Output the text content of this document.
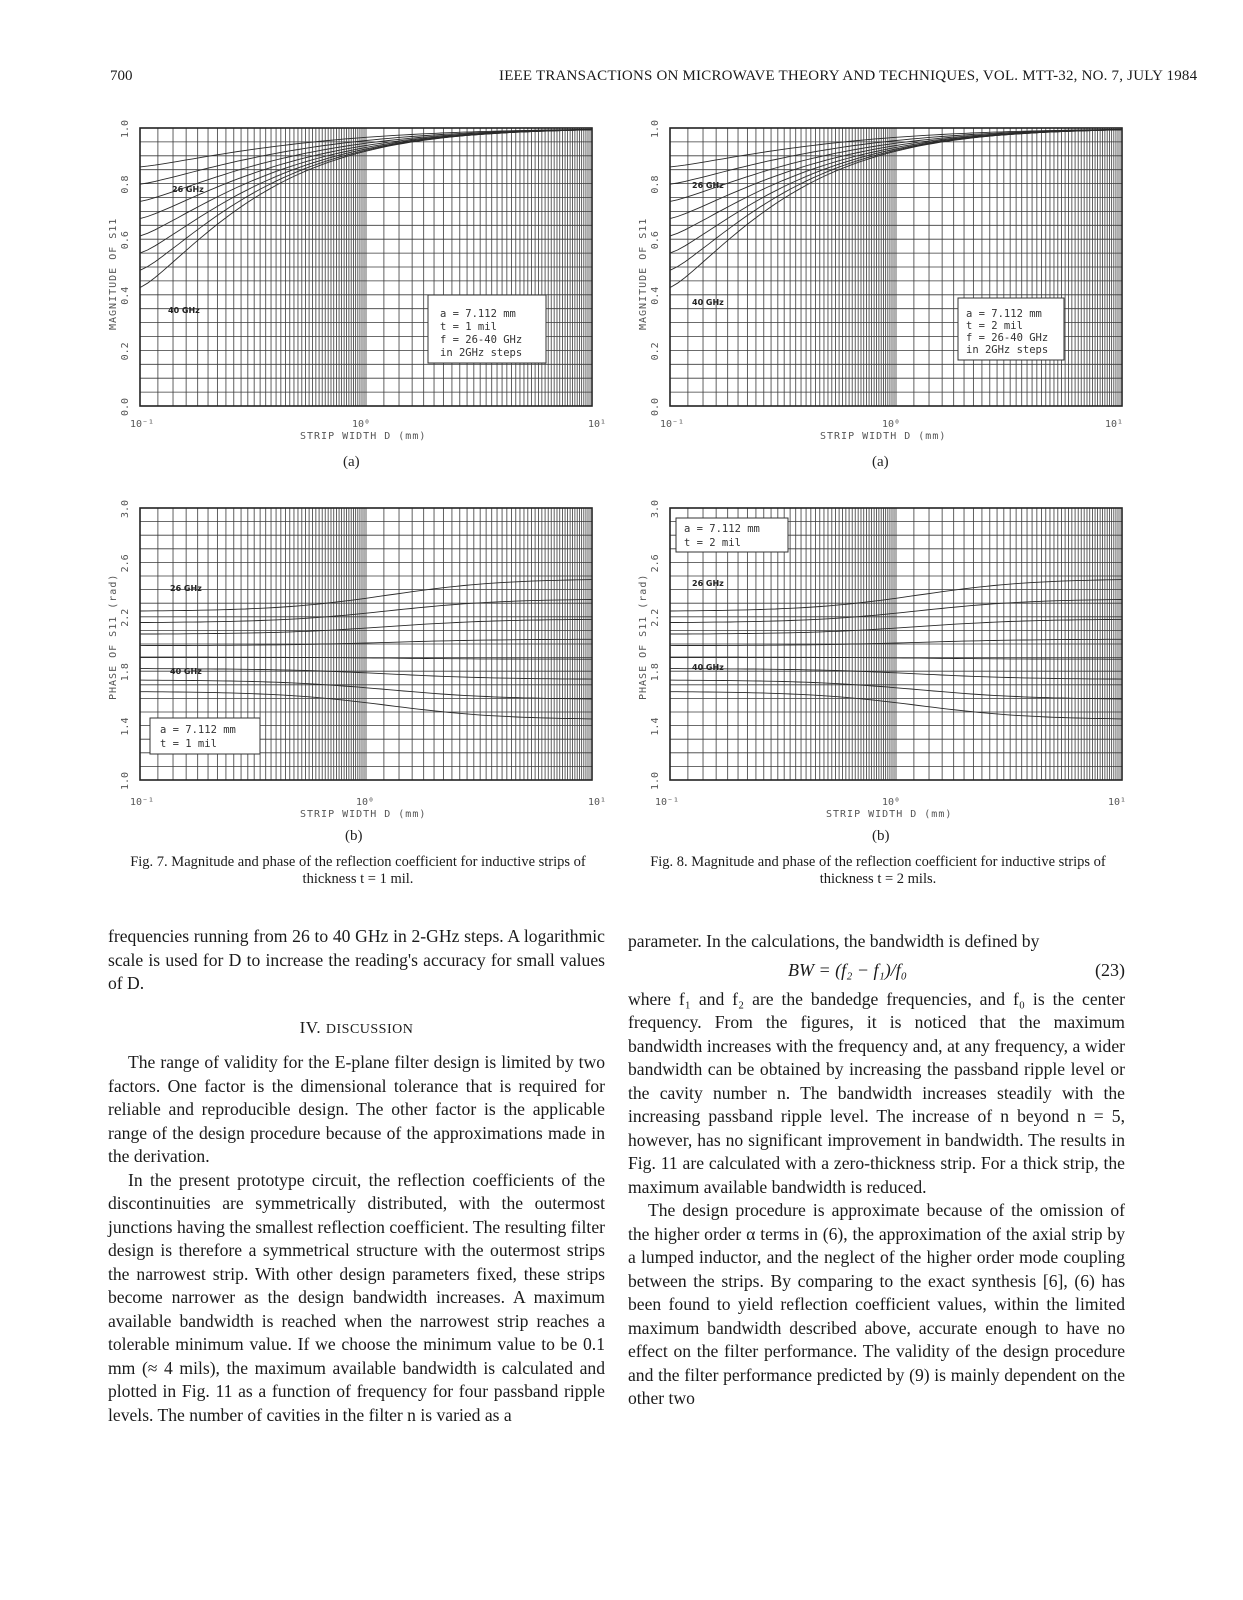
700	IEEE TRANSACTIONS ON MICROWAVE THEORY AND TECHNIQUES, VOL. MTT-32, NO. 7, JULY 1984
10⁻¹	10⁰	10¹
STRIP WIDTH D (mm)
MAGNITUDE OF S11
0.0
0.2
0.4
0.6
0.8
1.0
26 GHz
40 GHz	a = 7.112 mm
t = 1 mil
f = 26-40 GHz
in 2GHz steps
(a)
10⁻¹	10⁰	10¹
STRIP WIDTH D (mm)
MAGNITUDE OF S11
0.0
0.2
0.4
0.6
0.8
1.0
26 GHz
40 GHz
a = 7.112 mm
t = 2 mil
f = 26-40 GHz
in 2GHz steps
(a)
10⁻¹	10⁰	10¹
STRIP WIDTH D (mm)
PHASE OF S11 (rad)
1.0
1.4
1.8
2.2
2.6
3.0
26 GHz
40 GHz
a = 7.112 mm
t = 1 mil
(b)
10⁻¹	10⁰	10¹
STRIP WIDTH D (mm)
PHASE OF S11 (rad)
1.0
1.4
1.8
2.2
2.6
3.0
26 GHz
40 GHz
a = 7.112 mm
t = 2 mil
(b)
Fig. 7. Magnitude and phase of the reflection coefficient for inductive strips of thickness t = 1 mil.
Fig. 8. Magnitude and phase of the reflection coefficient for inductive strips of thickness t = 2 mils.

frequencies running from 26 to 40 GHz in 2-GHz steps. A logarithmic scale is used for D to increase the reading's accuracy for small values of D.

IV. DISCUSSION

The range of validity for the E-plane filter design is limited by two factors. One factor is the dimensional tolerance that is required for reliable and reproducible design. The other factor is the applicable range of the design procedure because of the approximations made in the derivation.

In the present prototype circuit, the reflection coefficients of the discontinuities are symmetrically distributed, with the outermost junctions having the smallest reflection coefficient. The resulting filter design is therefore a symmetrical structure with the outermost strips the narrowest strip. With other design parameters fixed, these strips become narrower as the design bandwidth increases. A maximum available bandwidth is reached when the narrowest strip reaches a tolerable minimum value. If we choose the minimum value to be 0.1 mm (≈ 4 mils), the maximum available bandwidth is calculated and plotted in Fig. 11 as a function of frequency for four passband ripple levels. The number of cavities in the filter n is varied as a

parameter. In the calculations, the bandwidth is defined by

BW = (f₂ − f₁)/f₀	(23)

where f₁ and f₂ are the bandedge frequencies, and f₀ is the center frequency. From the figures, it is noticed that the maximum bandwidth increases with the frequency and, at any frequency, a wider bandwidth can be obtained by increasing the passband ripple level or the cavity number n. The bandwidth increases steadily with the increasing passband ripple level. The increase of n beyond n = 5, however, has no significant improvement in bandwidth. The results in Fig. 11 are calculated with a zero-thickness strip. For a thick strip, the maximum available bandwidth is reduced.

The design procedure is approximate because of the omission of the higher order α terms in (6), the approximation of the axial strip by a lumped inductor, and the neglect of the higher order mode coupling between the strips. By comparing to the exact synthesis [6], (6) has been found to yield reflection coefficient values, within the limited maximum bandwidth described above, accurate enough to have no effect on the filter performance. The validity of the design procedure and the filter performance predicted by (9) is mainly dependent on the other two
